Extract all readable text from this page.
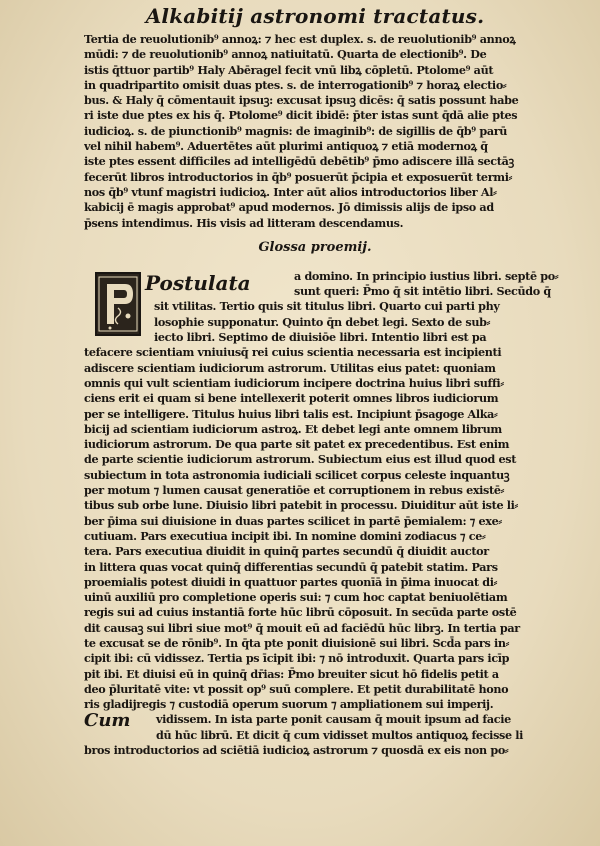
Alkabitij astronomi tractatus.
Tertia de reuolutionib⁹ annoꝝ: ⁊ hec est duplex. s. de reuolutionib⁹ annoꝝ
mūdi: ⁊ de reuolutionib⁹ annoꝝ natiuitatū. Quarta de electionib⁹. De
istis q̄ttuor partib⁹ Haly Abēragel fecit vnū libꝝ cōpletū. Ptolome⁹ aūt
in quadripartito omisit duas ptes. s. de interrogationib⁹ ⁊ horaꝝ electio⸗
bus. & Haly q̄ cōmentauit ipsuꝫ: excusat ipsuꝫ dicēs: q̄ satis possunt habe
ri iste due ptes ex his q̄. Ptolome⁹ dicit ibidē: p̄ter istas sunt q̄dā alie ptes
iudicioꝝ. s. de piunctionib⁹ magnis: de imaginib⁹: de sigillis de q̄b⁹ parū
vel nihil habem⁹. Aduertētes aūt plurimi antiquoꝝ ⁊ etiā modernoꝝ q̄
iste ptes essent difficiles ad intelligēdū debētib⁹ p̄mo adiscere illā sectāꝫ
fecerūt libros introductorios in q̄b⁹ posuerūt p̄cipia et exposuerūt termi⸗
nos q̄b⁹ vtunf magistri iudicioꝝ. Inter aūt alios introductorios liber Al⸗
kabicij ē magis approbat⁹ apud modernos. Jō dimissis alijs de ipso ad
p̄sens intendimus. His visis ad litteram descendamus.
Glossa proemij.
Postulata	a domino. In principio iustius libri. septē po⸗
sunt queri: P̄mo q̄ sit intētio libri. Secūdo q̄
sit vtilitas. Tertio quis sit titulus libri. Quarto cui parti phy
losophie supponatur. Quinto q̄n debet legi. Sexto de sub⸗
iecto libri. Septimo de diuisiōe libri. Intentio libri est pa
tefacere scientiam vniuiusq̄ rei cuius scientia necessaria est incipienti
adiscere scientiam iudiciorum astrorum. Utilitas eius patet: quoniam
omnis qui vult scientiam iudiciorum incipere doctrina huius libri suffi⸗
ciens erit ei quam si bene intellexerit poterit omnes libros iudiciorum
per se intelligere. Titulus huius libri talis est. Incipiunt p̄sagoge Alka⸗
bicij ad scientiam iudiciorum astroꝝ. Et debet legi ante omnem librum
iudiciorum astrorum. De qua parte sit patet ex precedentibus. Est enim
de parte scientie iudiciorum astrorum. Subiectum eius est illud quod est
subiectum in tota astronomia iudiciali scilicet corpus celeste inquantuꝫ
per motum ⁊ lumen causat generatiōe et corruptionem in rebus existē⸗
tibus sub orbe lune. Diuisio libri patebit in processu. Diuiditur aūt iste li⸗
ber p̄ima sui diuisione in duas partes scilicet in partē p̄emialem: ⁊ exe⸗
cutiuam. Pars executiua incipit ibi. In nomine domini zodiacus ⁊ ce⸗
tera. Pars executiua diuidit in quinq̄ partes secundū q̄ diuidit auctor
in littera quas vocat quinq̄ differentias secundū q̄ patebit statim. Pars
proemialis potest diuidi in quattuor partes quonīā in p̄ima inuocat di⸗
uinū auxiliū pro completione operis sui: ⁊ cum hoc captat beniuolētiam
regis sui ad cuius instantiā forte hūc librū cōposuit. In secūda parte ostē
dit causaꝫ sui libri siue mot⁹ q̄ mouit eū ad faciēdū hūc librꝫ. In tertia par
te excusat se de rōnib⁹. In q̄ta pte ponit diuisionē sui libri. Scd̄a pars in⸗
cipit ibi: cū vidissez. Tertia ps īcipit ibi: ⁊ nō introduxit. Quarta pars icīp
pit ibi. Et diuisi eū in quinq̄ dr̄ias: P̄mo breuiter sicut hō fidelis petit a
deo p̄luritatē vite: vt possit op⁹ suū complere. Et petit durabilitatē hono
ris gladijregis ⁊ custodiā operum suorum ⁊ ampliationem sui imperij.
Cum	vidissem. In ista parte ponit causam q̄ mouit ipsum ad facie
dū hūc librū. Et dicit q̄ cum vidisset multos antiquoꝝ fecisse li
bros introductorios ad sciētiā iudicioꝝ astrorum ⁊ quosdā ex eis non po⸗
